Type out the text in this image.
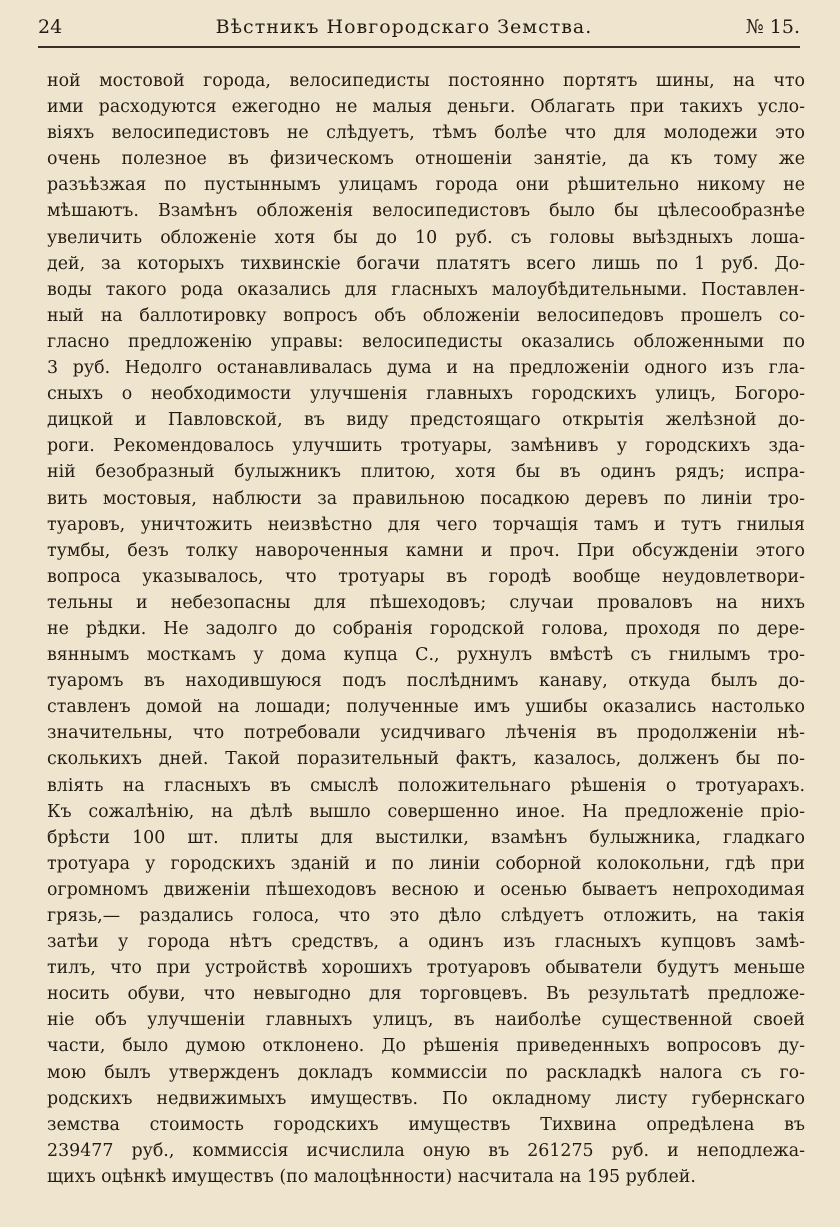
24	Вѣстникъ Новгородскаго Земства.	№ 15.
ной мостовой города, велосипедисты постоянно портятъ шины, на что
ими расходуются ежегодно не малыя деньги. Облагать при такихъ усло-
віяхъ велосипедистовъ не слѣдуетъ, тѣмъ болѣе что для молодежи это
очень полезное въ физическомъ отношеніи занятіе, да къ тому же
разъѣзжая по пустыннымъ улицамъ города они рѣшительно никому не
мѣшаютъ. Взамѣнъ обложенія велосипедистовъ было бы цѣлесообразнѣе
увеличить обложеніе хотя бы до 10 руб. съ головы выѣздныхъ лоша-
дей, за которыхъ тихвинскіе богачи платятъ всего лишь по 1 руб. До-
воды такого рода оказались для гласныхъ малоубѣдительными. Поставлен-
ный на баллотировку вопросъ объ обложеніи велосипедовъ прошелъ со-
гласно предложенію управы: велосипедисты оказались обложенными по
3 руб. Недолго останавливалась дума и на предложеніи одного изъ гла-
сныхъ о необходимости улучшенія главныхъ городскихъ улицъ, Богоро-
дицкой и Павловской, въ виду предстоящаго открытія желѣзной до-
роги. Рекомендовалось улучшить тротуары, замѣнивъ у городскихъ зда-
ній безобразный булыжникъ плитою, хотя бы въ одинъ рядъ; испра-
вить мостовыя, наблюсти за правильною посадкою деревъ по линіи тро-
туаровъ, уничтожить неизвѣстно для чего торчащія тамъ и тутъ гнилыя
тумбы, безъ толку навороченныя камни и проч. При обсужденіи этого
вопроса указывалось, что тротуары въ городѣ вообще неудовлетвори-
тельны и небезопасны для пѣшеходовъ; случаи проваловъ на нихъ
не рѣдки. Не задолго до собранія городской голова, проходя по дере-
вяннымъ мосткамъ у дома купца С., рухнулъ вмѣстѣ съ гнилымъ тро-
туаромъ въ находившуюся подъ послѣднимъ канаву, откуда былъ до-
ставленъ домой на лошади; полученные имъ ушибы оказались настолько
значительны, что потребовали усидчиваго лѣченія въ продолженіи нѣ-
сколькихъ дней. Такой поразительный фактъ, казалось, долженъ бы по-
вліять на гласныхъ въ смыслѣ положительнаго рѣшенія о тротуарахъ.
Къ сожалѣнію, на дѣлѣ вышло совершенно иное. На предложеніе пріо-
брѣсти 100 шт. плиты для выстилки, взамѣнъ булыжника, гладкаго
тротуара у городскихъ зданій и по линіи соборной колокольни, гдѣ при
огромномъ движеніи пѣшеходовъ весною и осенью бываетъ непроходимая
грязь,— раздались голоса, что это дѣло слѣдуетъ отложить, на такія
затѣи у города нѣтъ средствъ, а одинъ изъ гласныхъ купцовъ замѣ-
тилъ, что при устройствѣ хорошихъ тротуаровъ обыватели будутъ меньше
носить обуви, что невыгодно для торговцевъ. Въ результатѣ предложе-
ніе объ улучшеніи главныхъ улицъ, въ наиболѣе существенной своей
части, было думою отклонено. До рѣшенія приведенныхъ вопросовъ ду-
мою былъ утвержденъ докладъ коммиссіи по раскладкѣ налога съ го-
родскихъ недвижимыхъ имуществъ. По окладному листу губернскаго
земства стоимость городскихъ имуществъ Тихвина опредѣлена въ
239477 руб., коммиссія исчислила оную въ 261275 руб. и неподлежа-
щихъ оцѣнкѣ имуществъ (по малоцѣнности) насчитала на 195 рублей.
